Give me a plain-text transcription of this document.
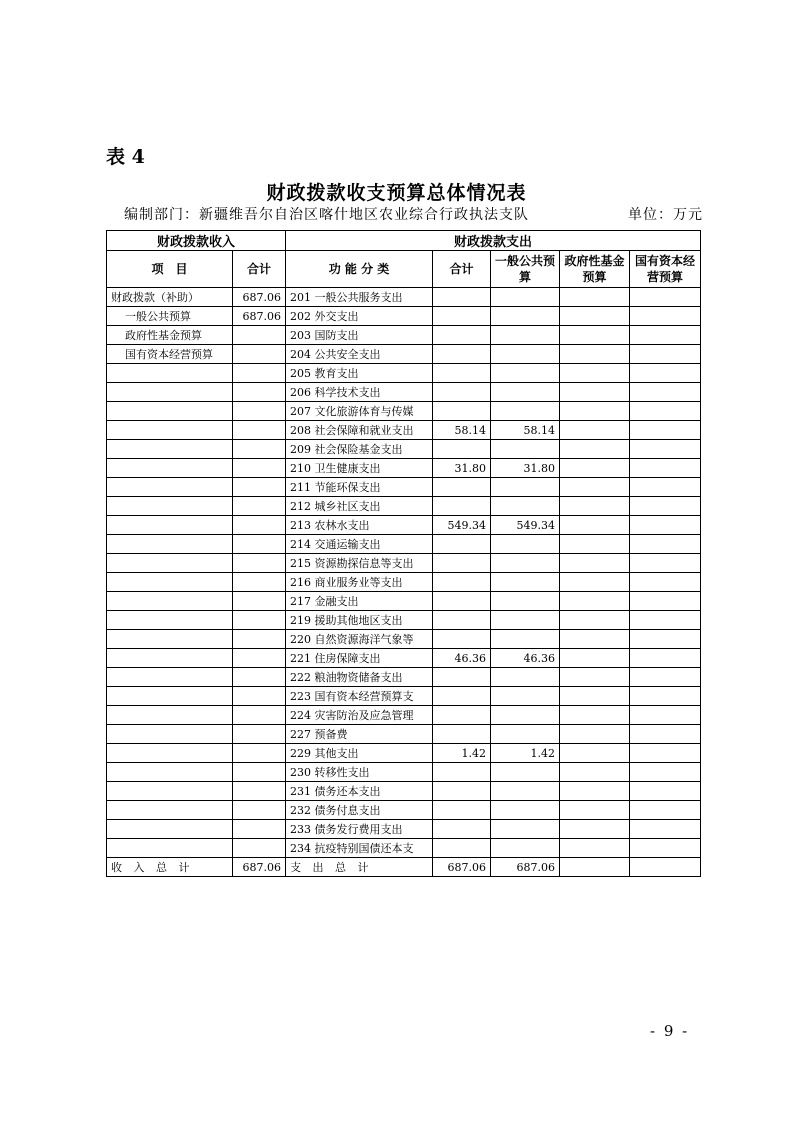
表 4
财政拨款收支预算总体情况表
编制部门：新疆维吾尔自治区喀什地区农业综合行政执法支队	单位：万元
财政拨款收入		财政拨款支出				
项　目	合计	功 能 分 类	合计	一般公共预算	政府性基金预算	国有资本经营预算
财政拨款（补助）	687.06	201 一般公共服务支出				
一般公共预算	687.06	202 外交支出				
政府性基金预算		203 国防支出				
国有资本经营预算		204 公共安全支出				
		205 教育支出				
		206 科学技术支出				
		207 文化旅游体育与传媒				
		208 社会保障和就业支出	58.14	58.14		
		209 社会保险基金支出				
		210 卫生健康支出	31.80	31.80		
		211 节能环保支出				
		212 城乡社区支出				
		213 农林水支出	549.34	549.34		
		214 交通运输支出				
		215 资源勘探信息等支出				
		216 商业服务业等支出				
		217 金融支出				
		219 援助其他地区支出				
		220 自然资源海洋气象等				
		221 住房保障支出	46.36	46.36		
		222 粮油物资储备支出				
		223 国有资本经营预算支				
		224 灾害防治及应急管理				
		227 预备费				
		229 其他支出	1.42	1.42		
		230 转移性支出				
		231 债务还本支出				
		232 债务付息支出				
		233 债务发行费用支出				
		234 抗疫特别国债还本支				
收 入 总 计	687.06	支 出 总 计	687.06	687.06		
- 9 -
